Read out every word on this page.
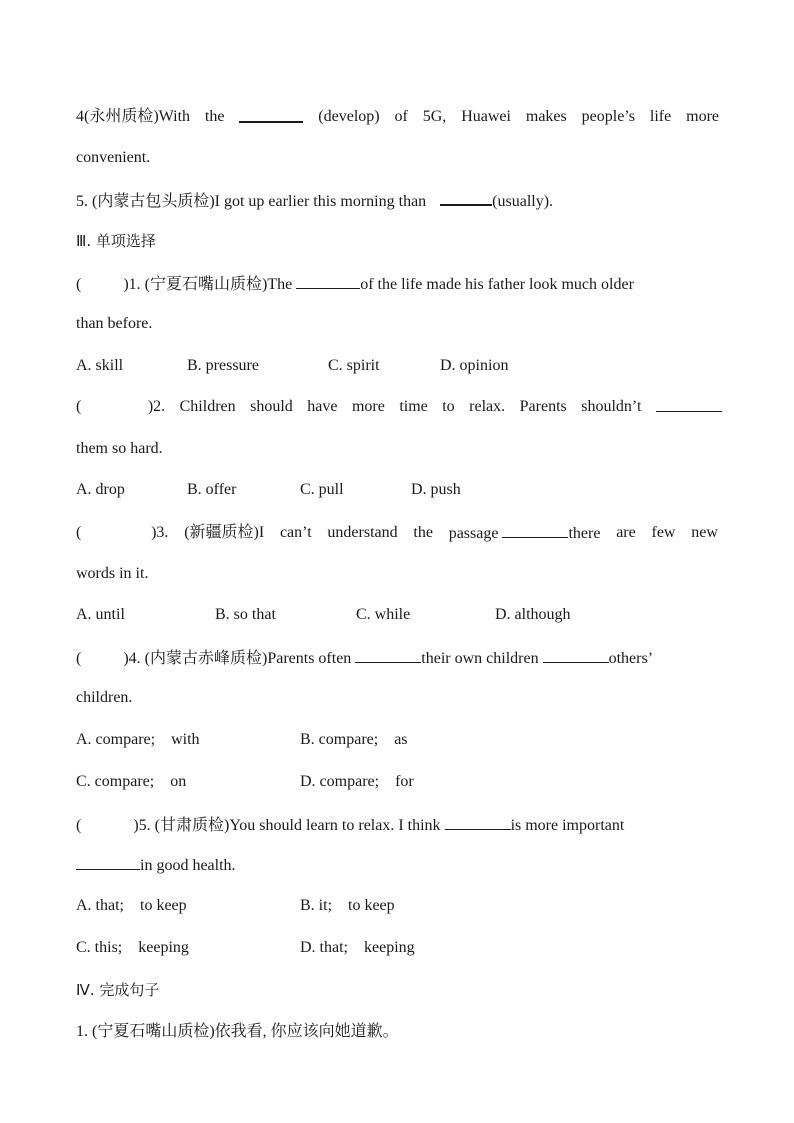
4(永州质检)With the	(develop) of 5G, Huawei makes people’s life more
convenient.
5. (内蒙古包头质检)I got up earlier this morning than	(usually).
Ⅲ. 单项选择
(	)1. (宁夏石嘴山质检)The	of the life made his father look much older
than before.
A. skill	B. pressure	C. spirit	D. opinion
(	)2. Children should have more time to relax. Parents shouldn’t
them so hard.
A. drop	B. offer	C. pull	D. push
(	)3. (新疆质检)I can’t understand the passage	there are few new
words in it.
A. until	B. so that	C. while	D. although
(	)4. (内蒙古赤峰质检)Parents often	their own children	others’
children.
A. compare;    with	B. compare;    as
C. compare;    on	D. compare;    for
(	)5. (甘肃质检)You should learn to relax. I think	is more important
in good health.
A. that;    to keep	B. it;    to keep
C. this;    keeping	D. that;    keeping
Ⅳ. 完成句子
1. (宁夏石嘴山质检)依我看, 你应该向她道歉。
